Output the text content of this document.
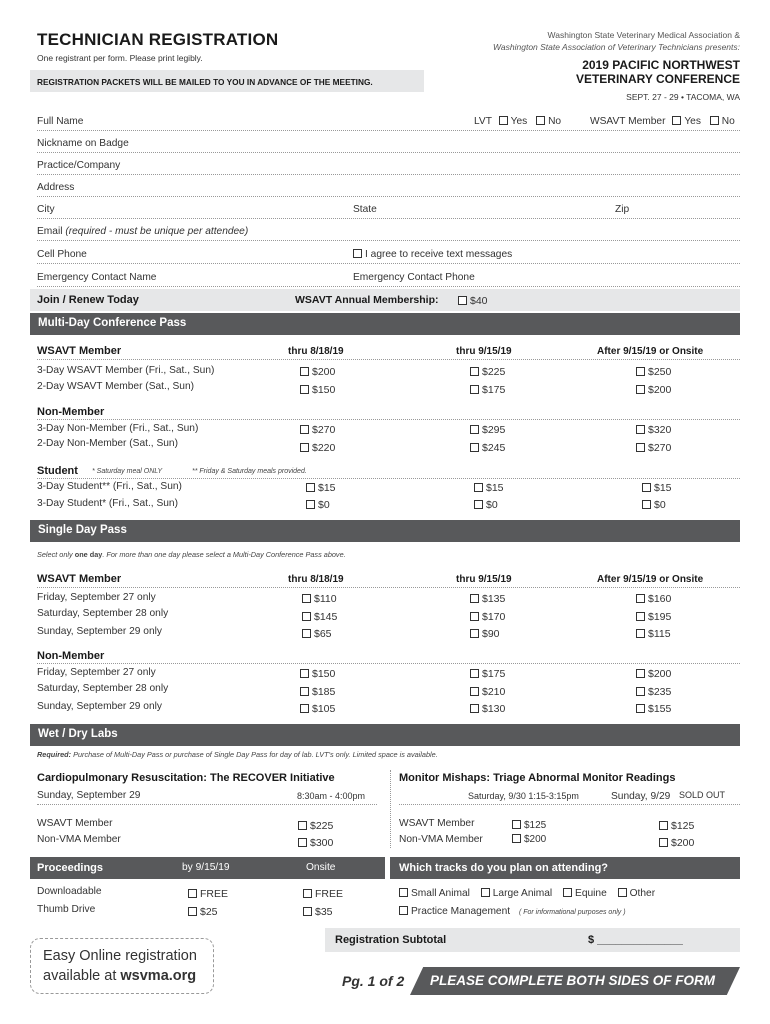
TECHNICIAN REGISTRATION
One registrant per form. Please print legibly.
REGISTRATION PACKETS WILL BE MAILED TO YOU IN ADVANCE OF THE MEETING.
Washington State Veterinary Medical Association &
Washington State Association of Veterinary Technicians presents:
2019 PACIFIC NORTHWEST
VETERINARY CONFERENCE
SEPT. 27 - 29 • TACOMA, WA
Full Name	LVT Yes No	WSAVT Member Yes No
Nickname on Badge
Practice/Company
Address
City	State	Zip
Email (required - must be unique per attendee)
Cell Phone	I agree to receive text messages
Emergency Contact Name	Emergency Contact Phone
Join / Renew Today	WSAVT Annual Membership:	$40
Multi-Day Conference Pass
WSAVT Member	thru 8/18/19	thru 9/15/19	After 9/15/19 or Onsite
3-Day WSAVT Member (Fri., Sat., Sun)	$200	$225	$250
2-Day WSAVT Member (Sat., Sun)	$150	$175	$200
Non-Member
3-Day Non-Member (Fri., Sat., Sun)	$270	$295	$320
2-Day Non-Member (Sat., Sun)	$220	$245	$270
Student * Saturday meal ONLY	** Friday & Saturday meals provided.
3-Day Student** (Fri., Sat., Sun)	$15	$15	$15
3-Day Student* (Fri., Sat., Sun)	$0	$0	$0
Single Day Pass
Select only one day. For more than one day please select a Multi-Day Conference Pass above.
WSAVT Member	thru 8/18/19	thru 9/15/19	After 9/15/19 or Onsite
Friday, September 27 only	$110	$135	$160
Saturday, September 28 only	$145	$170	$195
Sunday, September 29 only	$65	$90	$115
Non-Member
Friday, September 27 only	$150	$175	$200
Saturday, September 28 only	$185	$210	$235
Sunday, September 29 only	$105	$130	$155
Wet / Dry Labs
Required: Purchase of Multi-Day Pass or purchase of Single Day Pass for day of lab. LVT's only. Limited space is available.
Cardiopulmonary Resuscitation: The RECOVER Initiative
Sunday, September 29	8:30am - 4:00pm
WSAVT Member	$225
Non-VMA Member	$300
Monitor Mishaps: Triage Abnormal Monitor Readings
Saturday, 9/30 1:15-3:15pm	Sunday, 9/29 SOLD OUT
WSAVT Member	$125	$125
Non-VMA Member	$200	$200
Proceedings	by 9/15/19	Onsite
Downloadable	FREE	FREE
Thumb Drive	$25	$35
Which tracks do you plan on attending?
Small Animal Large Animal Equine Other
Practice Management ( For informational purposes only )
Easy Online registration
available at wsvma.org
Registration Subtotal	$ ______________
Pg. 1 of 2 PLEASE COMPLETE BOTH SIDES OF FORM
